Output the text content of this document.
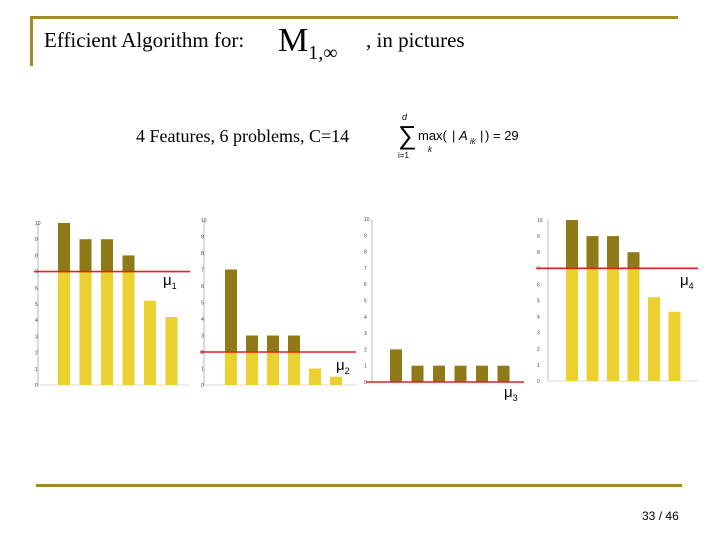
Efficient Algorithm for: $M_{1,\infty}$
, in pictures
4 Features, 6 problems, C=14
d
∑
i=1
max(
k
| A ik | ) = 29
0
1
2
3
4
5
6
7
8
9
10
$\mu_1$
0
1
2
3
4
5
6
7
8
9
10
$\mu_2$
0
1
2
3
4
5
6
7
8
9
10
$\mu_3$
0
1
2
3
4
5
6
7
8
9
10
$\mu_4$
33 / 46
